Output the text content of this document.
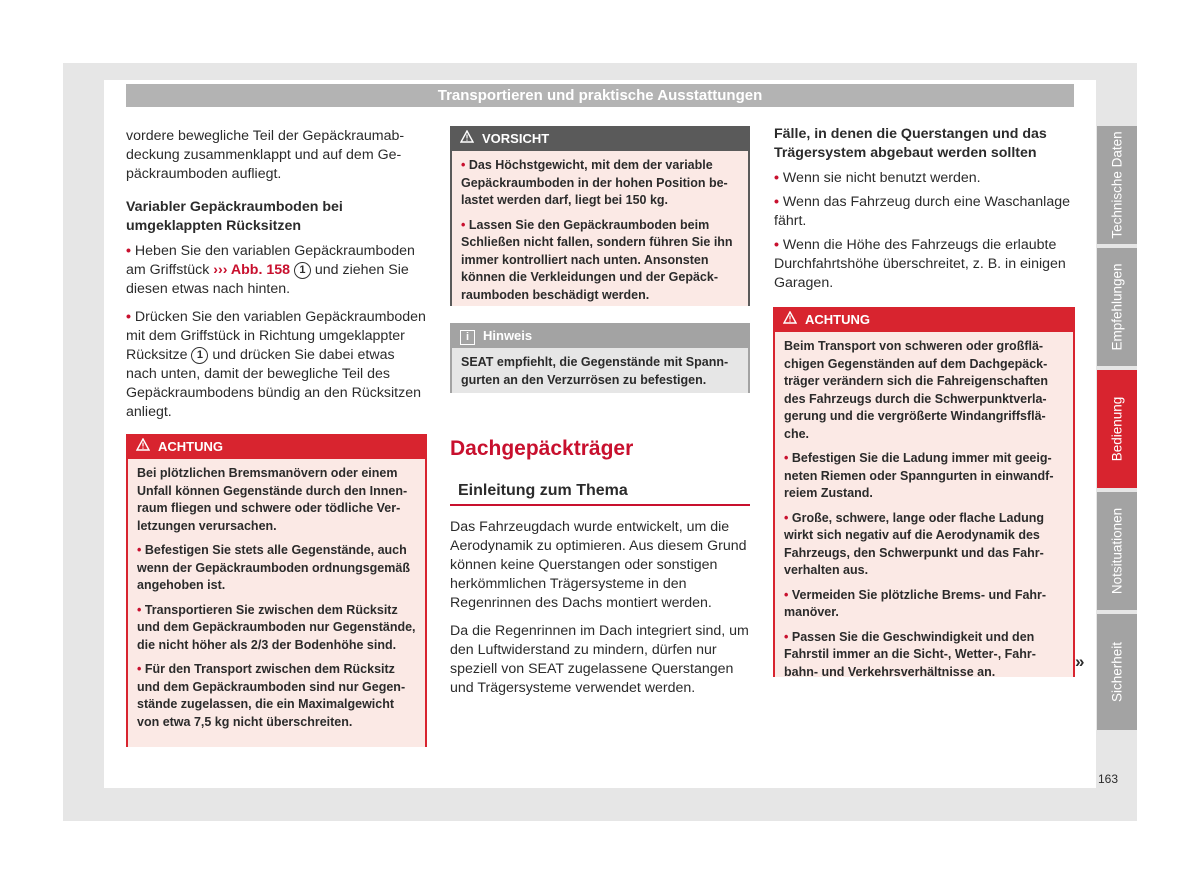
Transportieren und praktische Ausstattungen

vordere bewegliche Teil der Gepäckraumabdeckung zusammenklappt und auf dem Gepäckraumboden aufliegt.

Variabler Gepäckraumboden bei umgeklappten Rücksitzen

• Heben Sie den variablen Gepäckraumboden am Griffstück ››› Abb. 158 1 und ziehen Sie diesen etwas nach hinten.

• Drücken Sie den variablen Gepäckraumboden mit dem Griffstück in Richtung umgeklappter Rücksitze 1 und drücken Sie dabei etwas nach unten, damit der bewegliche Teil des Gepäckraumbodens bündig an den Rücksitzen anliegt.

ACHTUNG

Bei plötzlichen Bremsmanövern oder einem Unfall können Gegenstände durch den Innenraum fliegen und schwere oder tödliche Verletzungen verursachen.

• Befestigen Sie stets alle Gegenstände, auch wenn der Gepäckraumboden ordnungsgemäß angehoben ist.

• Transportieren Sie zwischen dem Rücksitz und dem Gepäckraumboden nur Gegenstände, die nicht höher als 2/3 der Bodenhöhe sind.

• Für den Transport zwischen dem Rücksitz und dem Gepäckraumboden sind nur Gegenstände zugelassen, die ein Maximalgewicht von etwa 7,5 kg nicht überschreiten.

VORSICHT

• Das Höchstgewicht, mit dem der variable Gepäckraumboden in der hohen Position belastet werden darf, liegt bei 150 kg.

• Lassen Sie den Gepäckraumboden beim Schließen nicht fallen, sondern führen Sie ihn immer kontrolliert nach unten. Ansonsten können die Verkleidungen und der Gepäckraumboden beschädigt werden.

i Hinweis

SEAT empfiehlt, die Gegenstände mit Spanngurten an den Verzurrösen zu befestigen.

Dachgepäckträger
Einleitung zum Thema

Das Fahrzeugdach wurde entwickelt, um die Aerodynamik zu optimieren. Aus diesem Grund können keine Querstangen oder sonstigen herkömmlichen Trägersysteme in den Regenrinnen des Dachs montiert werden.

Da die Regenrinnen im Dach integriert sind, um den Luftwiderstand zu mindern, dürfen nur speziell von SEAT zugelassene Querstangen und Trägersysteme verwendet werden.

Fälle, in denen die Querstangen und das Trägersystem abgebaut werden sollten

• Wenn sie nicht benutzt werden.

• Wenn das Fahrzeug durch eine Waschanlage fährt.

• Wenn die Höhe des Fahrzeugs die erlaubte Durchfahrtshöhe überschreitet, z. B. in einigen Garagen.

ACHTUNG

Beim Transport von schweren oder großflächigen Gegenständen auf dem Dachgepäckträger verändern sich die Fahreigenschaften des Fahrzeugs durch die Schwerpunktverlagerung und die vergrößerte Windangriffsfläche.

• Befestigen Sie die Ladung immer mit geeigneten Riemen oder Spanngurten in einwandfreiem Zustand.

• Große, schwere, lange oder flache Ladung wirkt sich negativ auf die Aerodynamik des Fahrzeugs, den Schwerpunkt und das Fahrverhalten aus.

• Vermeiden Sie plötzliche Brems- und Fahrmanöver.

• Passen Sie die Geschwindigkeit und den Fahrstil immer an die Sicht-, Wetter-, Fahrbahn- und Verkehrsverhältnisse an.

»
Technische Daten
Empfehlungen
Bedienung
Notsituationen
Sicherheit
163
